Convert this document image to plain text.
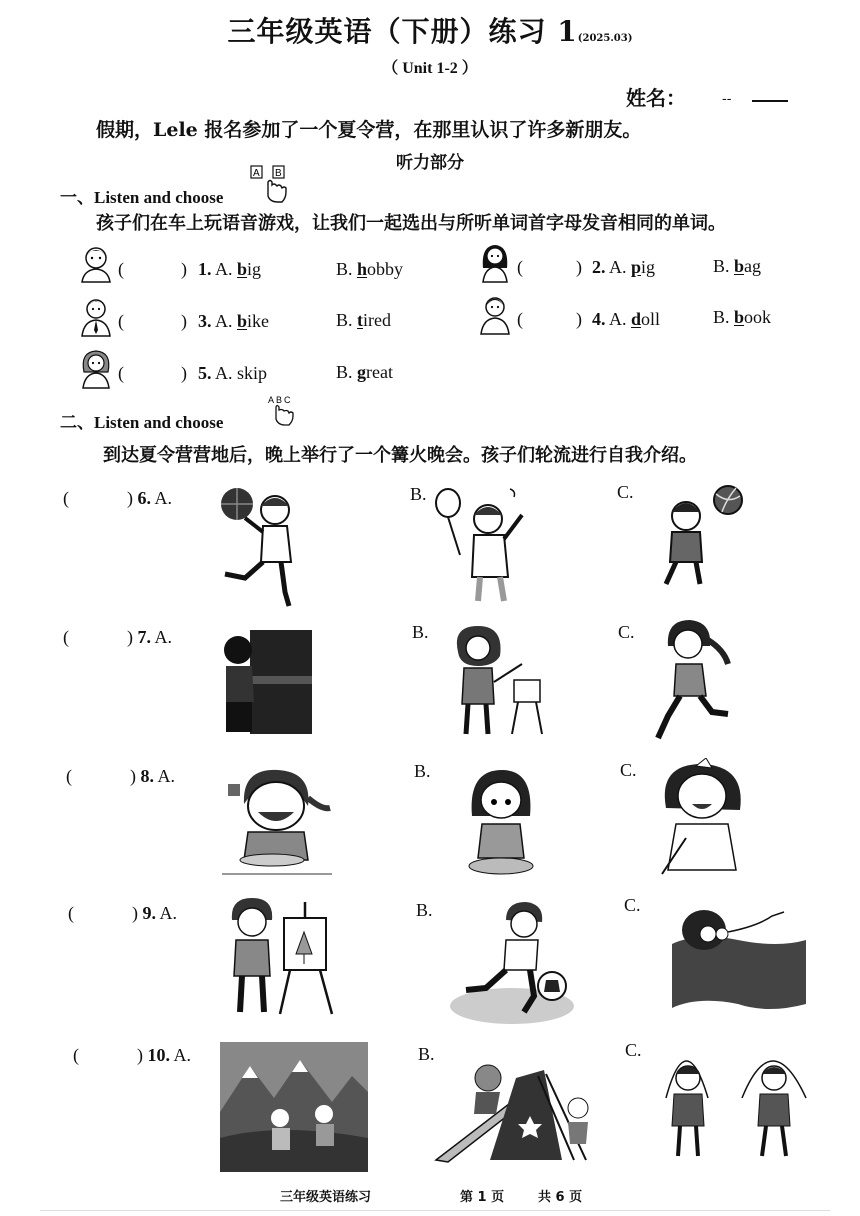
三年级英语（下册）练习 1(2025.03)
（ Unit 1-2 ）
姓名：	--
假期，Lele 报名参加了一个夏令营，在那里认识了许多新朋友。
听力部分
一、Listen and choose
A B
孩子们在车上玩语音游戏，让我们一起选出与所听单词首字母发音相同的单词。
(	) 1. A. big	B. hobby	(	) 2. A. pig	B. bag
(	) 3. A. bike	B. tired	(	) 4. A. doll	B. book
(	) 5. A. skip	B. great
二、Listen and choose
ABC
到达夏令营营地后，晚上举行了一个篝火晚会。孩子们轮流进行自我介绍。
(	) 6. A.	B.	C.
(	) 7. A.	B.	C.
(	) 8. A.	B.	C.
(	) 9. A.	B.	C.
(	) 10. A.	B.	C.
三年级英语练习	第 1 页	共 6 页
